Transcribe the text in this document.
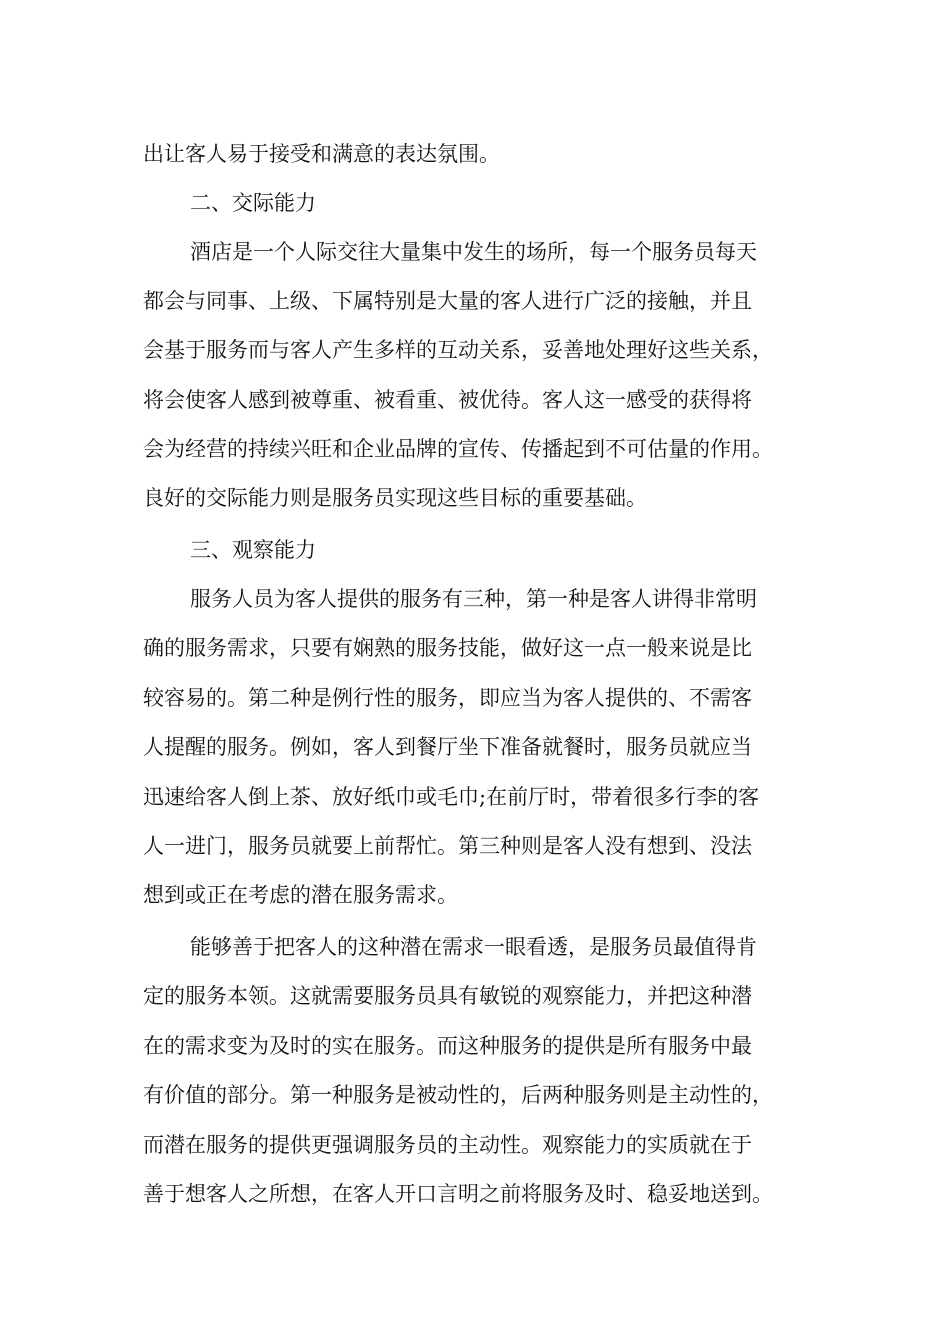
出让客人易于接受和满意的表达氛围。
二、交际能力
酒店是一个人际交往大量集中发生的场所，每一个服务员每天
都会与同事、上级、下属特别是大量的客人进行广泛的接触，并且
会基于服务而与客人产生多样的互动关系，妥善地处理好这些关系，
将会使客人感到被尊重、被看重、被优待。客人这一感受的获得将
会为经营的持续兴旺和企业品牌的宣传、传播起到不可估量的作用。
良好的交际能力则是服务员实现这些目标的重要基础。
三、观察能力
服务人员为客人提供的服务有三种，第一种是客人讲得非常明
确的服务需求，只要有娴熟的服务技能，做好这一点一般来说是比
较容易的。第二种是例行性的服务，即应当为客人提供的、不需客
人提醒的服务。例如，客人到餐厅坐下准备就餐时，服务员就应当
迅速给客人倒上茶、放好纸巾或毛巾;在前厅时，带着很多行李的客
人一进门，服务员就要上前帮忙。第三种则是客人没有想到、没法
想到或正在考虑的潜在服务需求。
能够善于把客人的这种潜在需求一眼看透，是服务员最值得肯
定的服务本领。这就需要服务员具有敏锐的观察能力，并把这种潜
在的需求变为及时的实在服务。而这种服务的提供是所有服务中最
有价值的部分。第一种服务是被动性的，后两种服务则是主动性的，
而潜在服务的提供更强调服务员的主动性。观察能力的实质就在于
善于想客人之所想，在客人开口言明之前将服务及时、稳妥地送到。
